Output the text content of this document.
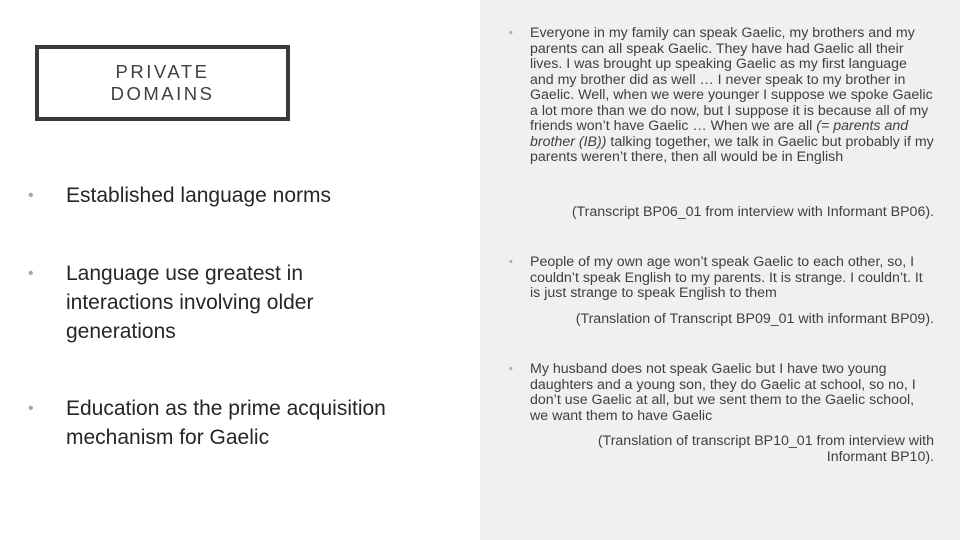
PRIVATE
DOMAINS
• Established language norms
• Language use greatest in interactions involving older generations
• Education as the prime acquisition mechanism for Gaelic
• Everyone in my family can speak Gaelic, my brothers and my parents can all speak Gaelic. They have had Gaelic all their lives. I was brought up speaking Gaelic as my first language and my brother did as well … I never speak to my brother in Gaelic. Well, when we were younger I suppose we spoke Gaelic a lot more than we do now, but I suppose it is because all of my friends won’t have Gaelic … When we are all (= parents and brother (IB)) talking together, we talk in Gaelic but probably if my parents weren’t there, then all would be in English
(Transcript BP06_01 from interview with Informant BP06).
• People of my own age won’t speak Gaelic to each other, so, I couldn’t speak English to my parents. It is strange. I couldn’t. It is just strange to speak English to them
(Translation of Transcript BP09_01 with informant BP09).
• My husband does not speak Gaelic but I have two young daughters and a young son, they do Gaelic at school, so no, I don’t use Gaelic at all, but we sent them to the Gaelic school, we want them to have Gaelic
(Translation of transcript BP10_01 from interview with
Informant BP10).
